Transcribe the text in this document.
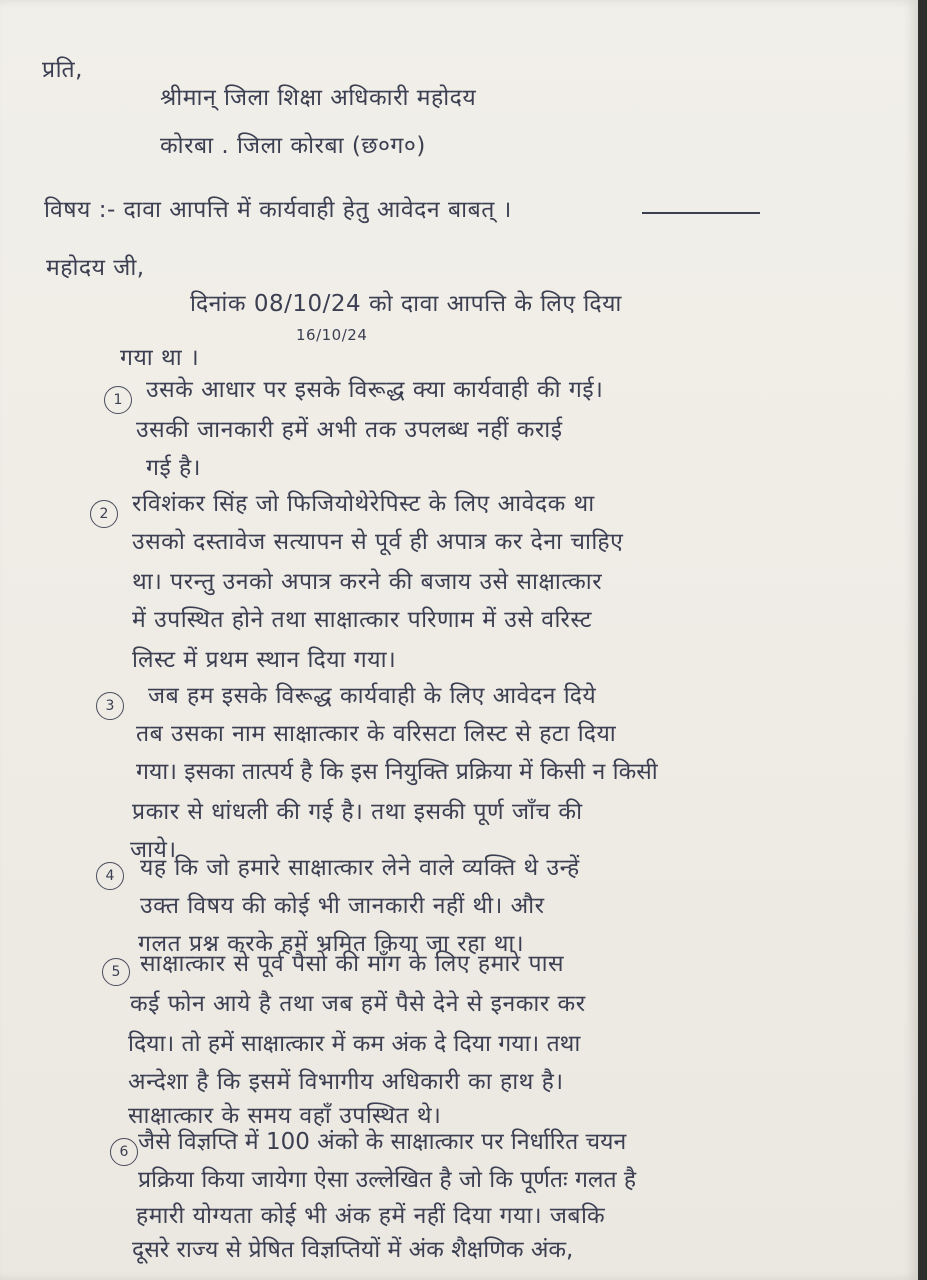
प्रति,
श्रीमान् जिला शिक्षा अधिकारी महोदय
कोरबा . जिला कोरबा (छ०ग०)
विषय :- दावा आपत्ति में कार्यवाही हेतु आवेदन बाबत् ।
महोदय जी,
दिनांक 08/10/24 को दावा आपत्ति के लिए दिया
16/10/24
गया था ।
1	उसके आधार पर इसके विरूद्ध क्या कार्यवाही की गई।
उसकी जानकारी हमें अभी तक उपलब्ध नहीं कराई
गई है।
2	रविशंकर सिंह जो फिजियोथेरेपिस्ट के लिए आवेदक था
उसको दस्तावेज सत्यापन से पूर्व ही अपात्र कर देना चाहिए
था। परन्तु उनको अपात्र करने की बजाय उसे साक्षात्कार
में उपस्थित होने तथा साक्षात्कार परिणाम में उसे वरिस्ट
लिस्ट में प्रथम स्थान दिया गया।
3	जब हम इसके विरूद्ध कार्यवाही के लिए आवेदन दिये
तब उसका नाम साक्षात्कार के वरिसटा लिस्ट से हटा दिया
गया। इसका तात्पर्य है कि इस नियुक्ति प्रक्रिया में किसी न किसी
प्रकार से धांधली की गई है। तथा इसकी पूर्ण जाँच की
जाये।
4	यह कि जो हमारे साक्षात्कार लेने वाले व्यक्ति थे उन्हें
उक्त विषय की कोई भी जानकारी नहीं थी। और
गलत प्रश्न करके हमें भ्रमित किया जा रहा था।
5 साक्षात्कार से पूर्व पैसो की माँग के लिए हमारे पास
कई फोन आये है तथा जब हमें पैसे देने से इनकार कर
दिया। तो हमें साक्षात्कार में कम अंक दे दिया गया। तथा
अन्देशा है कि इसमें विभागीय अधिकारी का हाथ है।
साक्षात्कार के समय वहाँ उपस्थित थे।
6 जैसे विज्ञप्ति में 100 अंको के साक्षात्कार पर निर्धारित चयन
प्रक्रिया किया जायेगा ऐसा उल्लेखित है जो कि पूर्णतः गलत है
हमारी योग्यता कोई भी अंक हमें नहीं दिया गया। जबकि
दूसरे राज्य से प्रेषित विज्ञप्तियों में अंक शैक्षणिक अंक,
